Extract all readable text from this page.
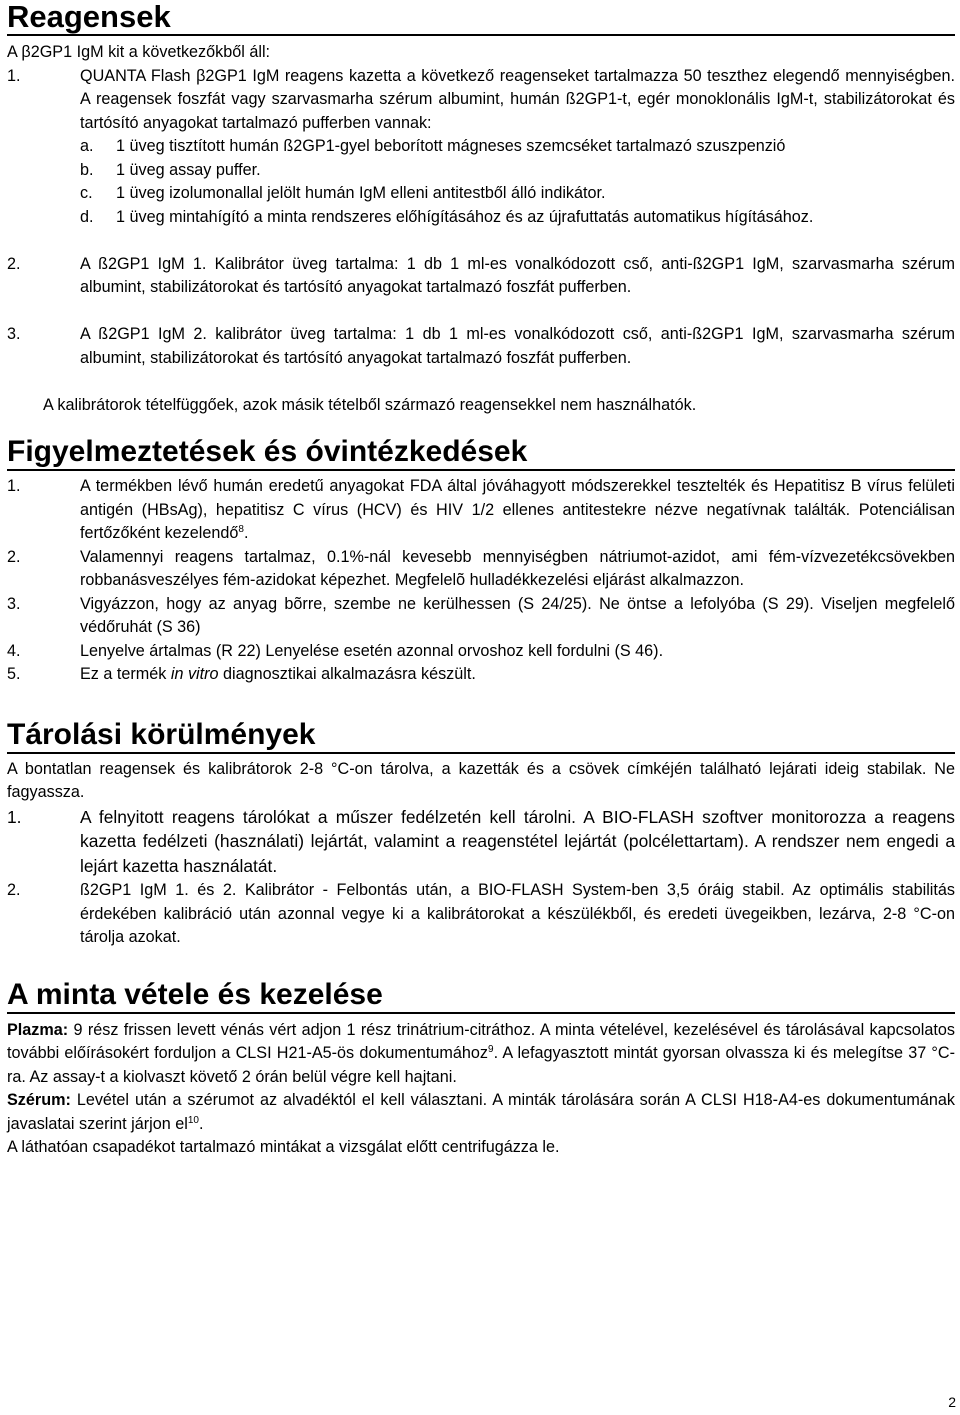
Reagensek

A β2GP1 IgM kit a következőkből áll:

1.	QUANTA Flash β2GP1 IgM reagens kazetta a következő reagenseket tartalmazza 50 teszthez elegendő mennyiségben. A reagensek foszfát vagy szarvasmarha szérum albumint, humán ß2GP1-t, egér monoklonális IgM-t, stabilizátorokat és tartósító anyagokat tartalmazó pufferben vannak:
a.	1 üveg tisztított humán ß2GP1-gyel beborított mágneses szemcséket tartalmazó szuszpenzió
b.	1 üveg assay puffer.
c.	1 üveg izolumonallal jelölt humán IgM elleni antitestből álló indikátor.
d.	1 üveg mintahígító a minta rendszeres előhígításához és az újrafuttatás automatikus hígításához.
2.	A ß2GP1 IgM 1. Kalibrátor üveg tartalma: 1 db 1 ml-es vonalkódozott cső, anti-ß2GP1 IgM, szarvasmarha szérum albumint, stabilizátorokat és tartósító anyagokat tartalmazó foszfát pufferben.
3.	A ß2GP1 IgM 2. kalibrátor üveg tartalma: 1 db 1 ml-es vonalkódozott cső, anti-ß2GP1 IgM, szarvasmarha szérum albumint, stabilizátorokat és tartósító anyagokat tartalmazó foszfát pufferben.

A kalibrátorok tételfüggőek, azok másik tételből származó reagensekkel nem használhatók.

Figyelmeztetések és óvintézkedések
1.	A termékben lévő humán eredetű anyagokat FDA által jóváhagyott módszerekkel tesztelték és Hepatitisz B vírus felületi antigén (HBsAg), hepatitisz C vírus (HCV) és HIV 1/2 ellenes antitestekre nézve negatívnak találták. Potenciálisan fertőzőként kezelendő$^8$.
2.	Valamennyi reagens tartalmaz, 0.1%-nál kevesebb mennyiségben nátriumot-azidot, ami fém-vízvezetékcsövekben robbanásveszélyes fém-azidokat képezhet. Megfelelõ hulladékkezelési eljárást alkalmazzon.
3.	Vigyázzon, hogy az anyag bõrre, szembe ne kerülhessen (S 24/25). Ne öntse a lefolyóba (S 29). Viseljen megfelelő védőruhát (S 36)
4.	Lenyelve ártalmas (R 22) Lenyelése esetén azonnal orvoshoz kell fordulni (S 46).
5.	Ez a termék in vitro diagnosztikai alkalmazásra készült.
Tárolási körülmények

A bontatlan reagensek és kalibrátorok 2-8 °C-on tárolva, a kazetták és a csövek címkéjén található lejárati ideig stabilak. Ne fagyassza.

1.	A felnyitott reagens tárolókat a műszer fedélzetén kell tárolni. A BIO-FLASH szoftver monitorozza a reagens kazetta fedélzeti (használati) lejártát, valamint a reagenstétel lejártát (polcélettartam). A rendszer nem engedi a lejárt kazetta használatát.
2.	ß2GP1 IgM 1. és 2. Kalibrátor - Felbontás után, a BIO-FLASH System-ben 3,5 óráig stabil. Az optimális stabilitás érdekében kalibráció után azonnal vegye ki a kalibrátorokat a készülékből, és eredeti üvegeikben, lezárva, 2-8 °C-on tárolja azokat.
A minta vétele és kezelése

Plazma: 9 rész frissen levett vénás vért adjon 1 rész trinátrium-citráthoz. A minta vételével, kezelésével és tárolásával kapcsolatos további előírásokért forduljon a CLSI H21-A5-ös dokumentumához$^9$. A lefagyasztott mintát gyorsan olvassza ki és melegítse 37 °C-ra. Az assay-t a kiolvaszt követő 2 órán belül végre kell hajtani.

Szérum: Levétel után a szérumot az alvadéktól el kell választani. A minták tárolására során A CLSI H18-A4-es dokumentumának javaslatai szerint járjon $el^{10}$.

A láthatóan csapadékot tartalmazó mintákat a vizsgálat előtt centrifugázza le.

2
